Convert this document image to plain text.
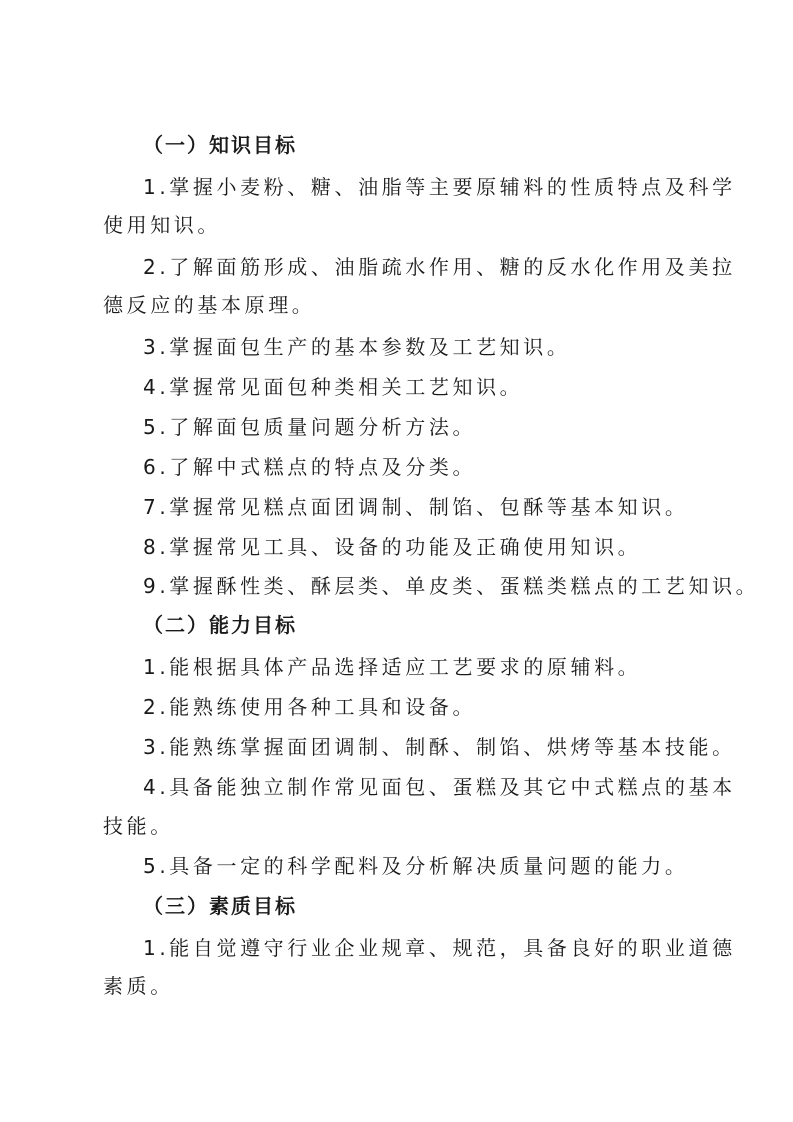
（一）知识目标
1.掌握小麦粉、糖、油脂等主要原辅料的性质特点及科学
使用知识。
2.了解面筋形成、油脂疏水作用、糖的反水化作用及美拉
德反应的基本原理。
3.掌握面包生产的基本参数及工艺知识。
4.掌握常见面包种类相关工艺知识。
5.了解面包质量问题分析方法。
6.了解中式糕点的特点及分类。
7.掌握常见糕点面团调制、制馅、包酥等基本知识。
8.掌握常见工具、设备的功能及正确使用知识。
9.掌握酥性类、酥层类、单皮类、蛋糕类糕点的工艺知识。
（二）能力目标
1.能根据具体产品选择适应工艺要求的原辅料。
2.能熟练使用各种工具和设备。
3.能熟练掌握面团调制、制酥、制馅、烘烤等基本技能。
4.具备能独立制作常见面包、蛋糕及其它中式糕点的基本
技能。
5.具备一定的科学配料及分析解决质量问题的能力。
（三）素质目标
1.能自觉遵守行业企业规章、规范，具备良好的职业道德
素质。
